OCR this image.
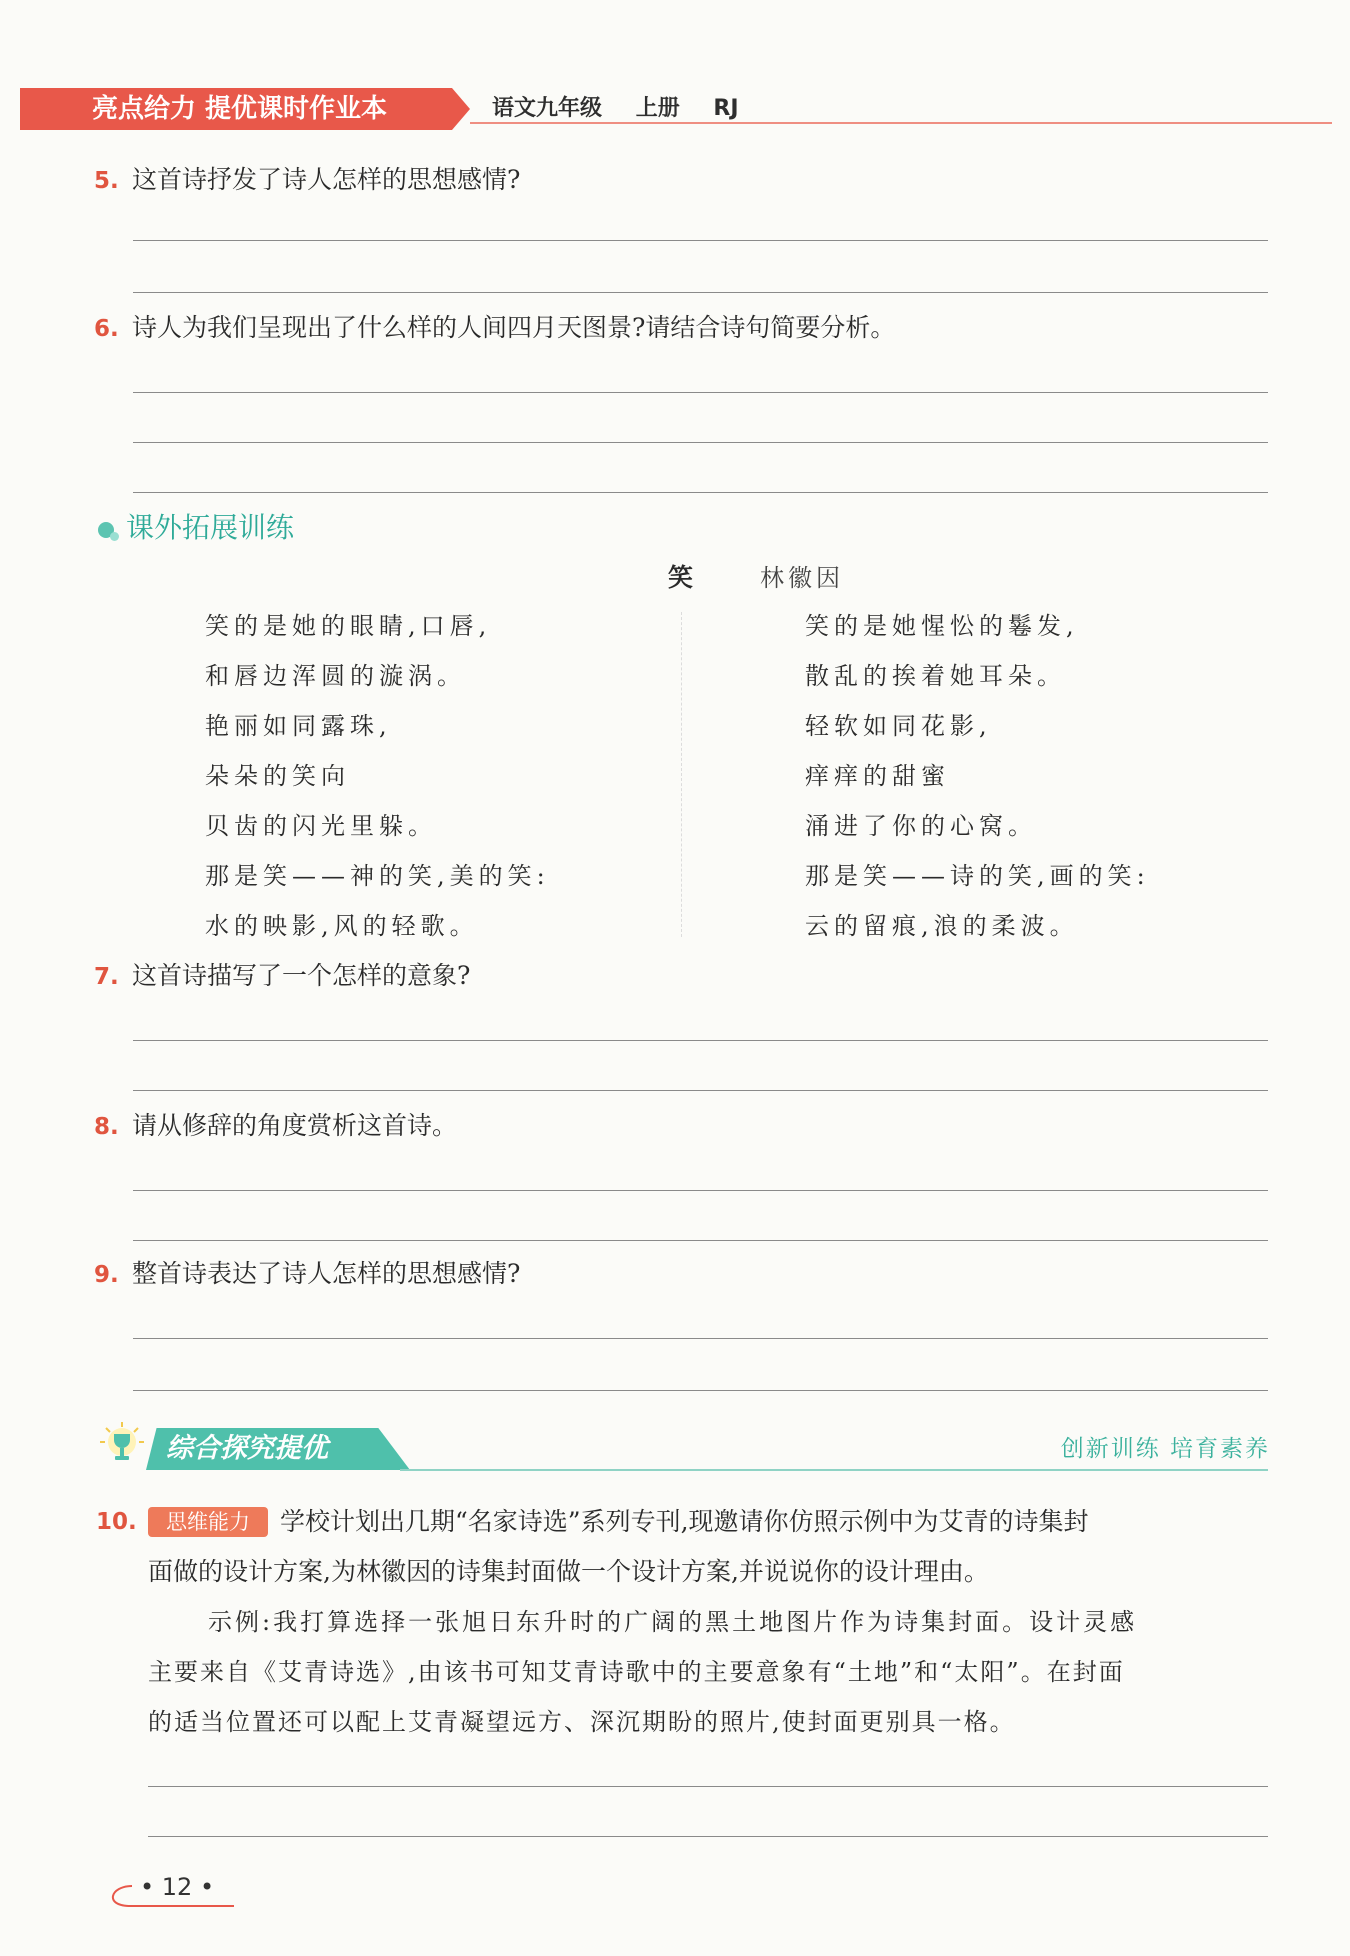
亮点给力 提优课时作业本	语文九年级 上册 RJ
5. 这首诗抒发了诗人怎样的思想感情?
6. 诗人为我们呈现出了什么样的人间四月天图景?请结合诗句简要分析。
课外拓展训练
笑	林徽因
笑的是她的眼睛,口唇,
和唇边浑圆的漩涡。
艳丽如同露珠,
朵朵的笑向
贝齿的闪光里躲。
那是笑——神的笑,美的笑:
水的映影,风的轻歌。
笑的是她惺忪的鬈发,
散乱的挨着她耳朵。
轻软如同花影,
痒痒的甜蜜
涌进了你的心窝。
那是笑——诗的笑,画的笑:
云的留痕,浪的柔波。
7. 这首诗描写了一个怎样的意象?
8. 请从修辞的角度赏析这首诗。
9. 整首诗表达了诗人怎样的思想感情?
综合探究提优	创新训练 培育素养
10.	思维能力	学校计划出几期“名家诗选”系列专刊,现邀请你仿照示例中为艾青的诗集封
面做的设计方案,为林徽因的诗集封面做一个设计方案,并说说你的设计理由。
示例:我打算选择一张旭日东升时的广阔的黑土地图片作为诗集封面。设计灵感
主要来自《艾青诗选》,由该书可知艾青诗歌中的主要意象有“土地”和“太阳”。在封面
的适当位置还可以配上艾青凝望远方、深沉期盼的照片,使封面更别具一格。
• 12 •
